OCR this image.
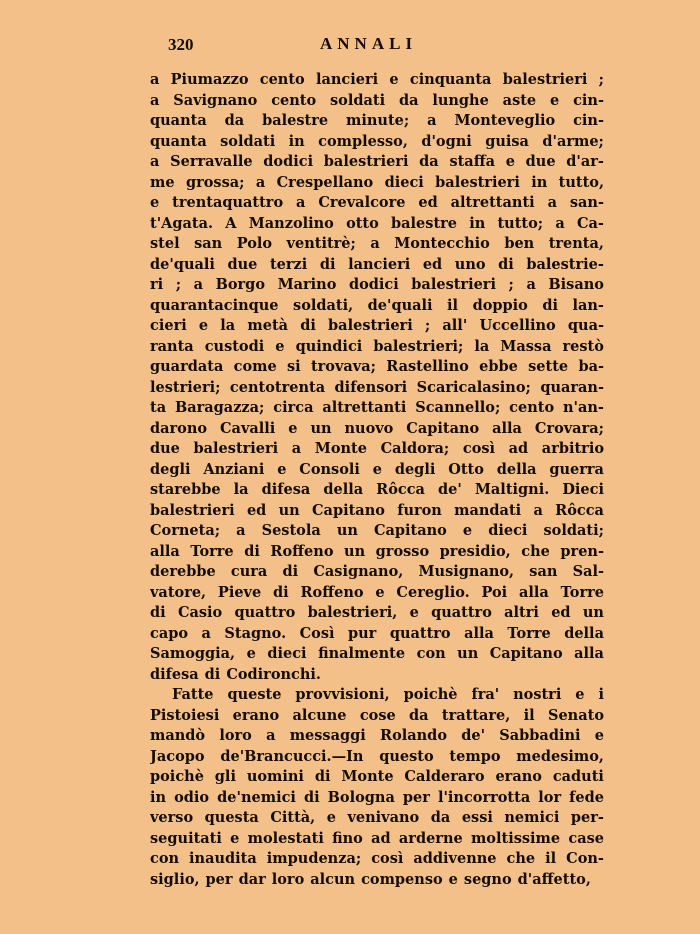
320	ANNALI
a Piumazzo cento lancieri e cinquanta balestrieri ;
a Savignano cento soldati da lunghe aste e cin-
quanta da balestre minute; a Monteveglio cin-
quanta soldati in complesso, d'ogni guisa d'arme;
a Serravalle dodici balestrieri da staffa e due d'ar-
me grossa; a Crespellano dieci balestrieri in tutto,
e trentaquattro a Crevalcore ed altrettanti a san-
t'Agata. A Manzolino otto balestre in tutto; a Ca-
stel san Polo ventitrè; a Montecchio ben trenta,
de'quali due terzi di lancieri ed uno di balestrie-
ri ; a Borgo Marino dodici balestrieri ; a Bisano
quarantacinque soldati, de'quali il doppio di lan-
cieri e la metà di balestrieri ; all' Uccellino qua-
ranta custodi e quindici balestrieri; la Massa restò
guardata come si trovava; Rastellino ebbe sette ba-
lestrieri; centotrenta difensori Scaricalasino; quaran-
ta Baragazza; circa altrettanti Scannello; cento n'an-
darono Cavalli e un nuovo Capitano alla Crovara;
due balestrieri a Monte Caldora; così ad arbitrio
degli Anziani e Consoli e degli Otto della guerra
starebbe la difesa della Rôcca de' Maltigni. Dieci
balestrieri ed un Capitano furon mandati a Rôcca
Corneta; a Sestola un Capitano e dieci soldati;
alla Torre di Roffeno un grosso presidio, che pren-
derebbe cura di Casignano, Musignano, san Sal-
vatore, Pieve di Roffeno e Cereglio. Poi alla Torre
di Casio quattro balestrieri, e quattro altri ed un
capo a Stagno. Così pur quattro alla Torre della
Samoggia, e dieci finalmente con un Capitano alla
difesa di Codironchi.
Fatte queste provvisioni, poichè fra' nostri e i
Pistoiesi erano alcune cose da trattare, il Senato
mandò loro a messaggi Rolando de' Sabbadini e
Jacopo de'Brancucci.—In questo tempo medesimo,
poichè gli uomini di Monte Calderaro erano caduti
in odio de'nemici di Bologna per l'incorrotta lor fede
verso questa Città, e venivano da essi nemici per-
seguitati e molestati fino ad arderne moltissime case
con inaudita impudenza; così addivenne che il Con-
siglio, per dar loro alcun compenso e segno d'affetto,
